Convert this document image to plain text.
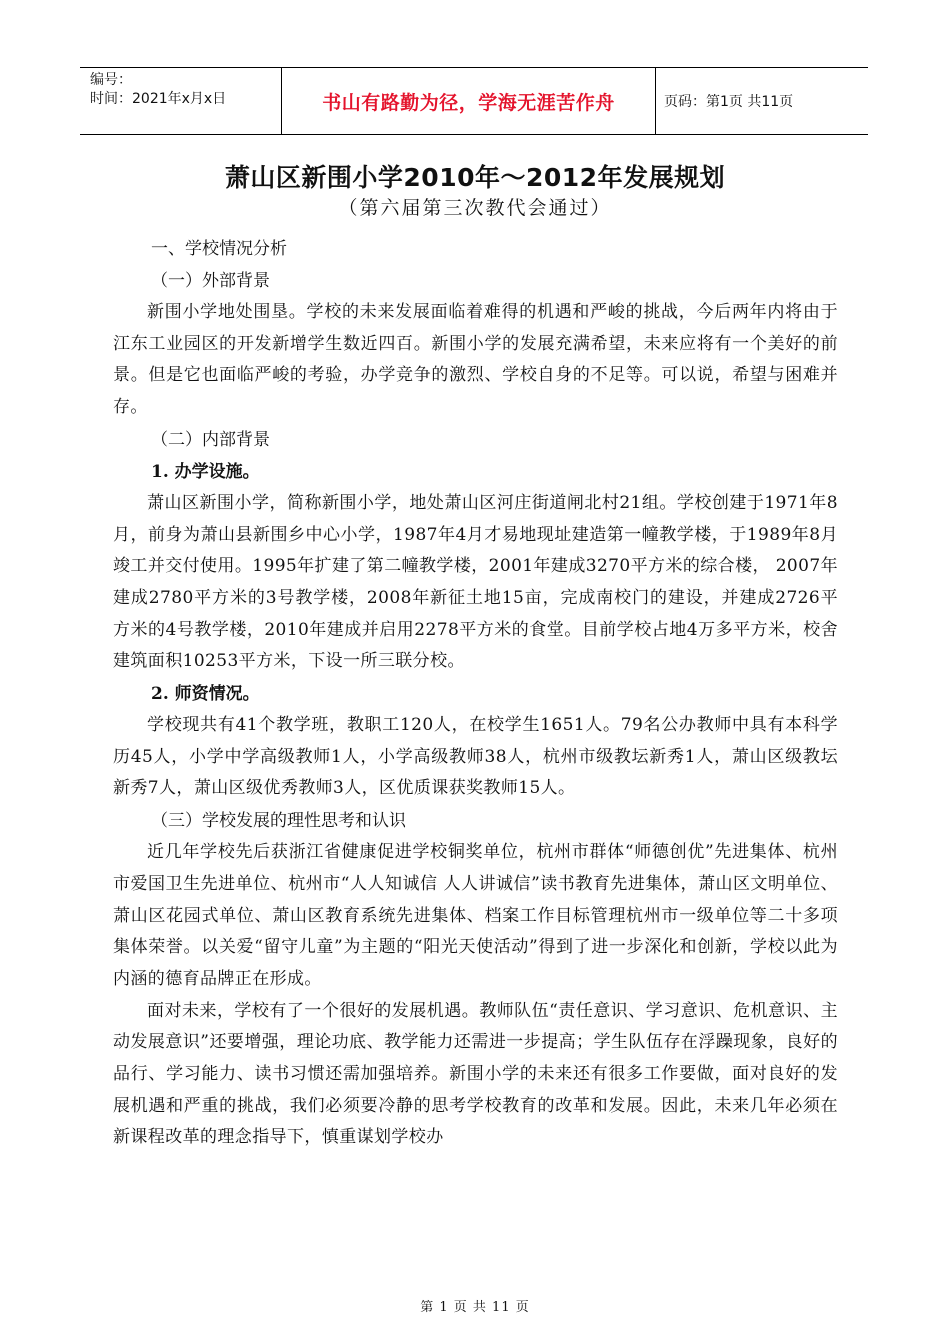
编号：
时间：2021年x月x日	书山有路勤为径，学海无涯苦作舟	页码：第1页 共11页
萧山区新围小学2010年～2012年发展规划
（第六届第三次教代会通过）
一、学校情况分析
（一）外部背景
新围小学地处围垦。学校的未来发展面临着难得的机遇和严峻的挑战，今后两年内将由于江东工业园区的开发新增学生数近四百。新围小学的发展充满希望，未来应将有一个美好的前景。但是它也面临严峻的考验，办学竞争的激烈、学校自身的不足等。可以说，希望与困难并存。
（二）内部背景
1. 办学设施。
萧山区新围小学，简称新围小学，地处萧山区河庄街道闸北村21组。学校创建于1971年8月，前身为萧山县新围乡中心小学，1987年4月才易地现址建造第一幢教学楼，于1989年8月竣工并交付使用。1995年扩建了第二幢教学楼，2001年建成3270平方米的综合楼， 2007年建成2780平方米的3号教学楼，2008年新征土地15亩，完成南校门的建设，并建成2726平方米的4号教学楼，2010年建成并启用2278平方米的食堂。目前学校占地4万多平方米，校舍建筑面积10253平方米，下设一所三联分校。
2. 师资情况。
学校现共有41个教学班，教职工120人，在校学生1651人。79名公办教师中具有本科学历45人，小学中学高级教师1人，小学高级教师38人，杭州市级教坛新秀1人，萧山区级教坛新秀7人，萧山区级优秀教师3人，区优质课获奖教师15人。
（三）学校发展的理性思考和认识
近几年学校先后获浙江省健康促进学校铜奖单位，杭州市群体“师德创优”先进集体、杭州市爱国卫生先进单位、杭州市“人人知诚信 人人讲诚信”读书教育先进集体，萧山区文明单位、萧山区花园式单位、萧山区教育系统先进集体、档案工作目标管理杭州市一级单位等二十多项集体荣誉。以关爱“留守儿童”为主题的“阳光天使活动”得到了进一步深化和创新，学校以此为内涵的德育品牌正在形成。
面对未来，学校有了一个很好的发展机遇。教师队伍“责任意识、学习意识、危机意识、主动发展意识”还要增强，理论功底、教学能力还需进一步提高；学生队伍存在浮躁现象，良好的品行、学习能力、读书习惯还需加强培养。新围小学的未来还有很多工作要做，面对良好的发展机遇和严重的挑战，我们必须要冷静的思考学校教育的改革和发展。因此，未来几年必须在新课程改革的理念指导下，慎重谋划学校办
第 1 页 共 11 页
